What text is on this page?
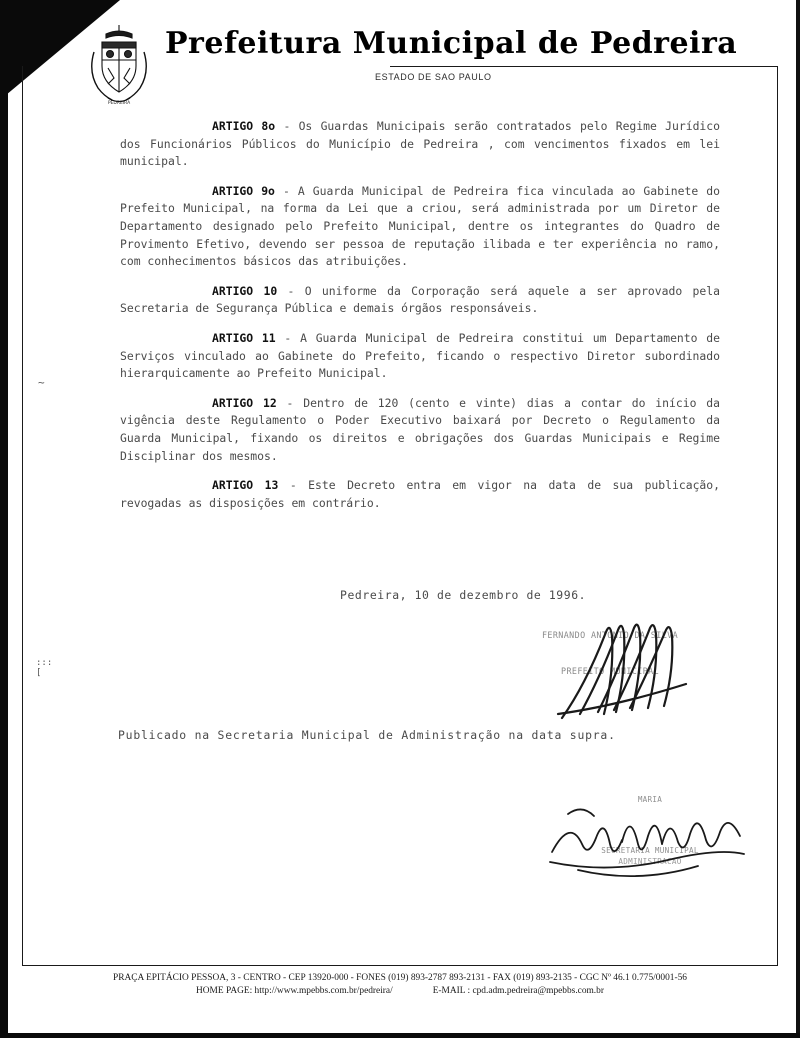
PEDREIRA
Prefeitura Municipal de Pedreira
ESTADO DE SAO PAULO
ARTIGO 8o - Os Guardas Municipais serão contratados pelo Regime Jurídico dos Funcionários Públicos do Município de Pedreira , com vencimentos fixados em lei municipal.
ARTIGO 9o - A Guarda Municipal de Pedreira fica vinculada ao Gabinete do Prefeito Municipal, na forma da Lei que a criou, será administrada por um Diretor de Departamento designado pelo Prefeito Municipal, dentre os integrantes do Quadro de Provimento Efetivo, devendo ser pessoa de reputação ilibada e ter experiência no ramo, com conhecimentos básicos das atribuições.
ARTIGO 10 - O uniforme da Corporação será aquele a ser aprovado pela Secretaria de Segurança Pública e demais órgãos responsáveis.
ARTIGO 11 - A Guarda Municipal de Pedreira constitui um Departamento de Serviços vinculado ao Gabinete do Prefeito, ficando o respectivo Diretor subordinado hierarquicamente ao Prefeito Municipal.
ARTIGO 12 - Dentro de 120 (cento e vinte) dias a contar do início da vigência deste Regulamento o Poder Executivo baixará por Decreto o Regulamento da Guarda Municipal, fixando os direitos e obrigações dos Guardas Municipais e Regime Disciplinar dos mesmos.
ARTIGO 13 - Este Decreto entra em vigor na data de sua publicação, revogadas as disposições em contrário.
Pedreira, 10 de dezembro de 1996.
FERNANDO ANTONIO DA SILVA
PREFEITO MUNICIPAL
Publicado na Secretaria Municipal de Administração na data supra.
MARIA
SECRETARIA MUNICIPAL
ADMINISTRACAO
~
:::
[
PRAÇA EPITÁCIO PESSOA, 3 - CENTRO - CEP 13920-000 - FONES (019) 893-2787 893-2131 - FAX (019) 893-2135 - CGC Nº 46.1 0.775/0001-56
HOME PAGE: http://www.mpebbs.com.br/pedreira/	E-MAIL : cpd.adm.pedreira@mpebbs.com.br
